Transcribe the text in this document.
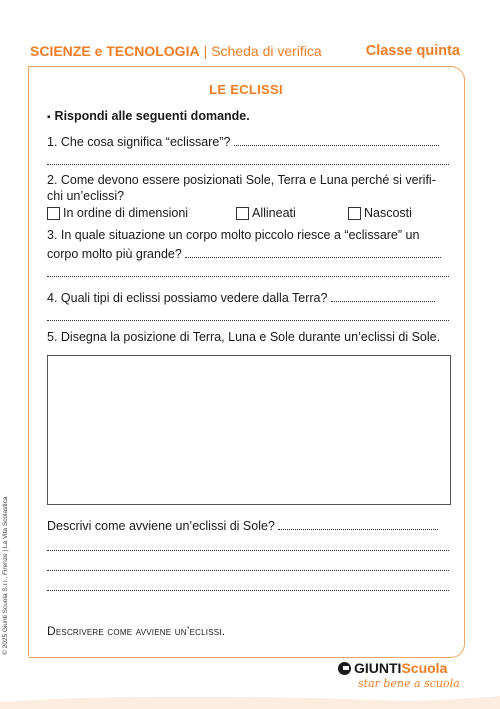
SCIENZE e TECNOLOGIA | Scheda di verifica	Classe quinta
LE ECLISSI
▪ Rispondi alle seguenti domande.
1. Che cosa significa “eclissare”?
2. Come devono essere posizionati Sole, Terra e Luna perché si verifi-
chi un’eclissi?
In ordine di dimensioni	Allineati	Nascosti
3. In quale situazione un corpo molto piccolo riesce a “eclissare” un
corpo molto più grande?
4. Quali tipi di eclissi possiamo vedere dalla Terra?
5. Disegna la posizione di Terra, Luna e Sole durante un’eclissi di Sole.
Descrivi come avviene un’eclissi di Sole?
Descrivere come avviene un’eclissi.
© 2025 Giunti Scuola S.r.l., Firenze | La Vita Scolastica
GIUNTI Scuola
star bene a scuola
